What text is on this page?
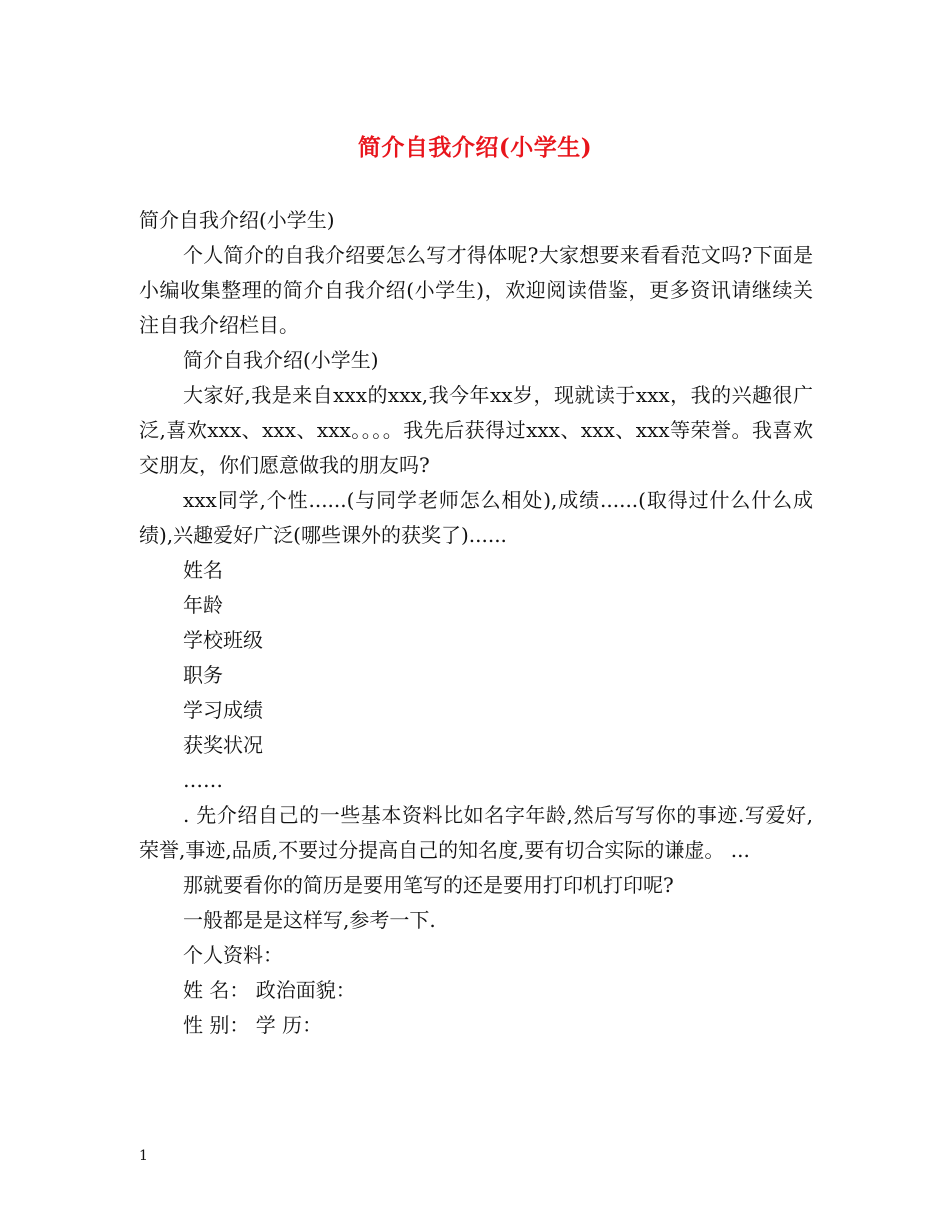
简介自我介绍(小学生)

简介自我介绍(小学生)

个人简介的自我介绍要怎么写才得体呢?大家想要来看看范文吗?下面是小编收集整理的简介自我介绍(小学生)，欢迎阅读借鉴，更多资讯请继续关注自我介绍栏目。

简介自我介绍(小学生)

大家好,我是来自xxx的xxx,我今年xx岁，现就读于xxx，我的兴趣很广泛,喜欢xxx、xxx、xxx。。。。我先后获得过xxx、xxx、xxx等荣誉。我喜欢交朋友，你们愿意做我的朋友吗?

xxx同学,个性......(与同学老师怎么相处),成绩......(取得过什么什么成绩),兴趣爱好广泛(哪些课外的获奖了)......

姓名

年龄

学校班级

职务

学习成绩

获奖状况

……

. 先介绍自己的一些基本资料比如名字年龄,然后写写你的事迹.写爱好,荣誉,事迹,品质,不要过分提高自己的知名度,要有切合实际的谦虚。 ...

那就要看你的简历是要用笔写的还是要用打印机打印呢?

一般都是是这样写,参考一下.

个人资料：

姓 名： 政治面貌：

性 别： 学 历：

1
